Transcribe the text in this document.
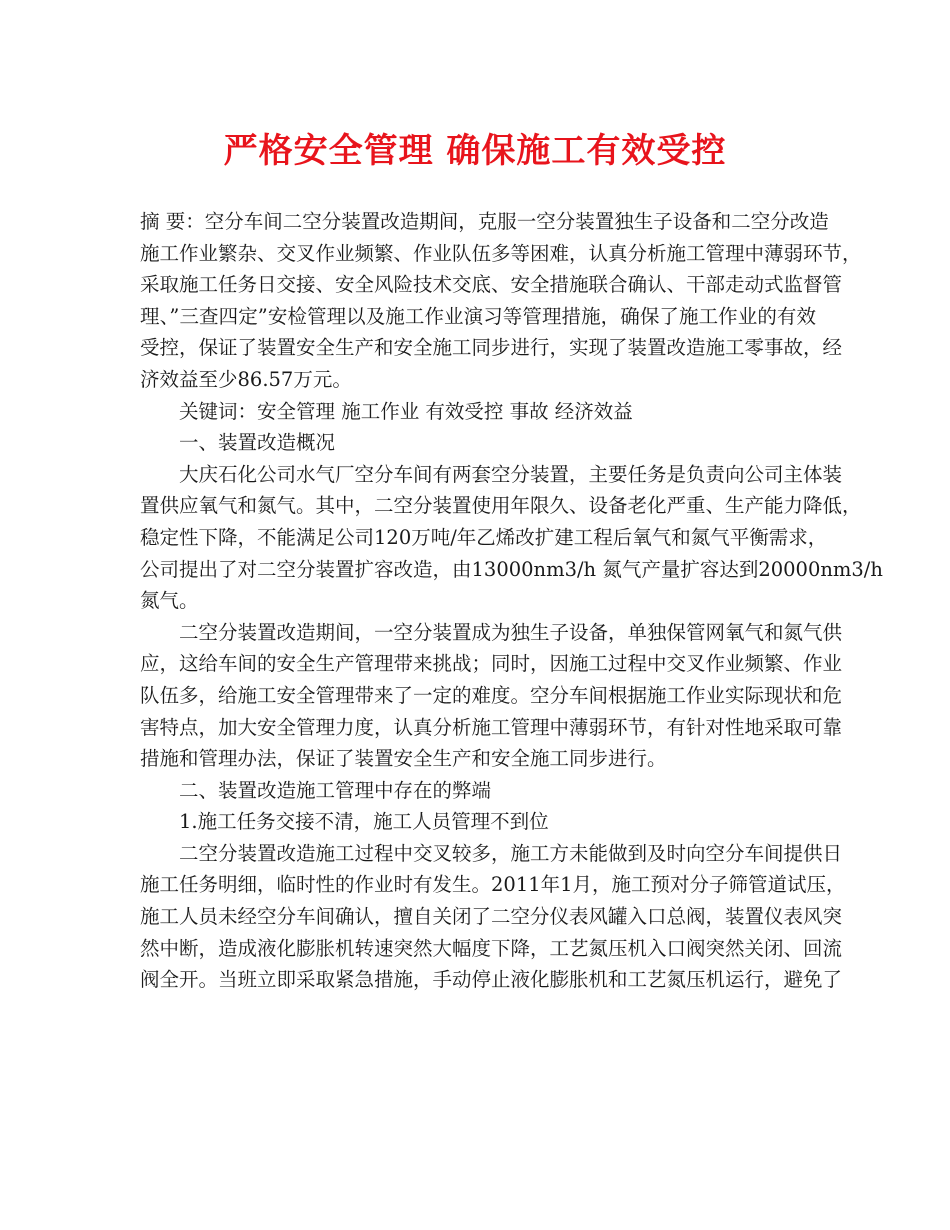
严格安全管理 确保施工有效受控
摘 要：空分车间二空分装置改造期间，克服一空分装置独生子设备和二空分改造
施工作业繁杂、交叉作业频繁、作业队伍多等困难，认真分析施工管理中薄弱环节，
采取施工任务日交接、安全风险技术交底、安全措施联合确认、干部走动式监督管
理、”三查四定”安检管理以及施工作业演习等管理措施，确保了施工作业的有效
受控，保证了装置安全生产和安全施工同步进行，实现了装置改造施工零事故，经
济效益至少86.57万元。
关键词：安全管理 施工作业 有效受控 事故 经济效益
一、装置改造概况
大庆石化公司水气厂空分车间有两套空分装置，主要任务是负责向公司主体装
置供应氧气和氮气。其中，二空分装置使用年限久、设备老化严重、生产能力降低，
稳定性下降，不能满足公司120万吨/年乙烯改扩建工程后氧气和氮气平衡需求，
公司提出了对二空分装置扩容改造，由13000nm3/h 氮气产量扩容达到20000nm3/h
氮气。
二空分装置改造期间，一空分装置成为独生子设备，单独保管网氧气和氮气供
应，这给车间的安全生产管理带来挑战；同时，因施工过程中交叉作业频繁、作业
队伍多，给施工安全管理带来了一定的难度。空分车间根据施工作业实际现状和危
害特点，加大安全管理力度，认真分析施工管理中薄弱环节，有针对性地采取可靠
措施和管理办法，保证了装置安全生产和安全施工同步进行。
二、装置改造施工管理中存在的弊端
1.施工任务交接不清，施工人员管理不到位
二空分装置改造施工过程中交叉较多，施工方未能做到及时向空分车间提供日
施工任务明细，临时性的作业时有发生。2011年1月，施工预对分子筛管道试压，
施工人员未经空分车间确认，擅自关闭了二空分仪表风罐入口总阀，装置仪表风突
然中断，造成液化膨胀机转速突然大幅度下降，工艺氮压机入口阀突然关闭、回流
阀全开。当班立即采取紧急措施，手动停止液化膨胀机和工艺氮压机运行，避免了
